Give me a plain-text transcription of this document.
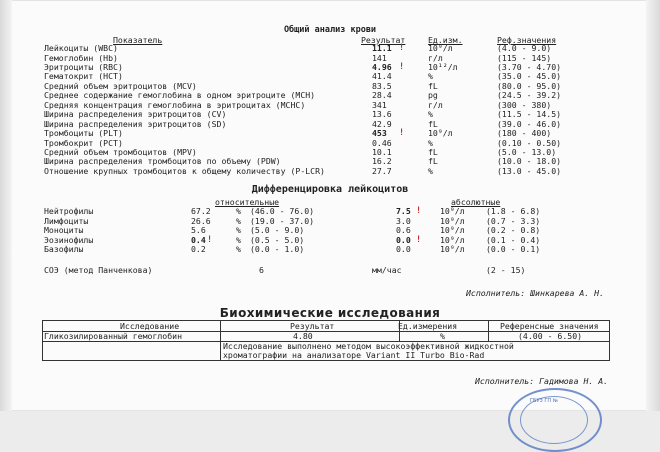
Общий анализ крови
Показатель	Результат	Ед.изм.	Реф.значения
Лейкоциты (WBC)	11.1 !	10⁹/л	(4.0 - 9.0)
Гемоглобин (Hb)	141	г/л	(115 - 145)
Эритроциты (RBC)	4.96 !	10¹²/л	(3.70 - 4.70)
Гематокрит (HCT)	41.4	%	(35.0 - 45.0)
Средний объем эритроцитов (MCV)	83.5	fL	(80.0 - 95.0)
Среднее содержание гемоглобина в одном эритроците (MCH)	28.4	pg	(24.5 - 39.2)
Средняя концентрация гемоглобина в эритроцитах (MCHC)	341	г/л	(300 - 380)
Ширина распределения эритроцитов (CV)	13.6	%	(11.5 - 14.5)
Ширина распределения эритроцитов (SD)	42.9	fL	(39.0 - 46.0)
Тромбоциты (PLT)	453 !	10⁹/л	(180 - 400)
Тромбокрит (PCT)	0.46	%	(0.10 - 0.50)
Средний объем тромбоцитов (MPV)	10.1	fL	(5.0 - 13.0)
Ширина распределения тромбоцитов по объему (PDW)	16.2	fL	(10.0 - 18.0)
Отношение крупных тромбоцитов к общему количеству (P-LCR)	27.7	%	(13.0 - 45.0)
Дифференцировка лейкоцитов
относительные	абсолютные
Нейтрофилы	67.2	% (46.0 - 76.0)	7.5 ! 10⁹/л	(1.8 - 6.8)
Лимфоциты	26.6	% (19.0 - 37.0)	3.0	10⁹/л	(0.7 - 3.3)
Моноциты	5.6	% (5.0 - 9.0)	0.6	10⁹/л	(0.2 - 0.8)
Эозинофилы	0.4 !	% (0.5 - 5.0)	0.0 ! 10⁹/л	(0.1 - 0.4)
Базофилы	0.2	% (0.0 - 1.0)	0.0	10⁹/л	(0.0 - 0.1)
СОЭ (метод Панченкова)	6	мм/час	(2 - 15)
Исполнитель: Шинкарева А. Н.
Биохимические исследования
Исследование	Результат	Ед.измерения	Референсные значения
Гликозилированный гемоглобин	4.80	%	(4.00 - 6.50)
Исследование выполнено методом высокоэффективной жидкостной
хроматографии на анализаторе Variant II Turbo Bio-Rad
Исполнитель: Гадимова Н. А.
ГБУЗ ГП №
